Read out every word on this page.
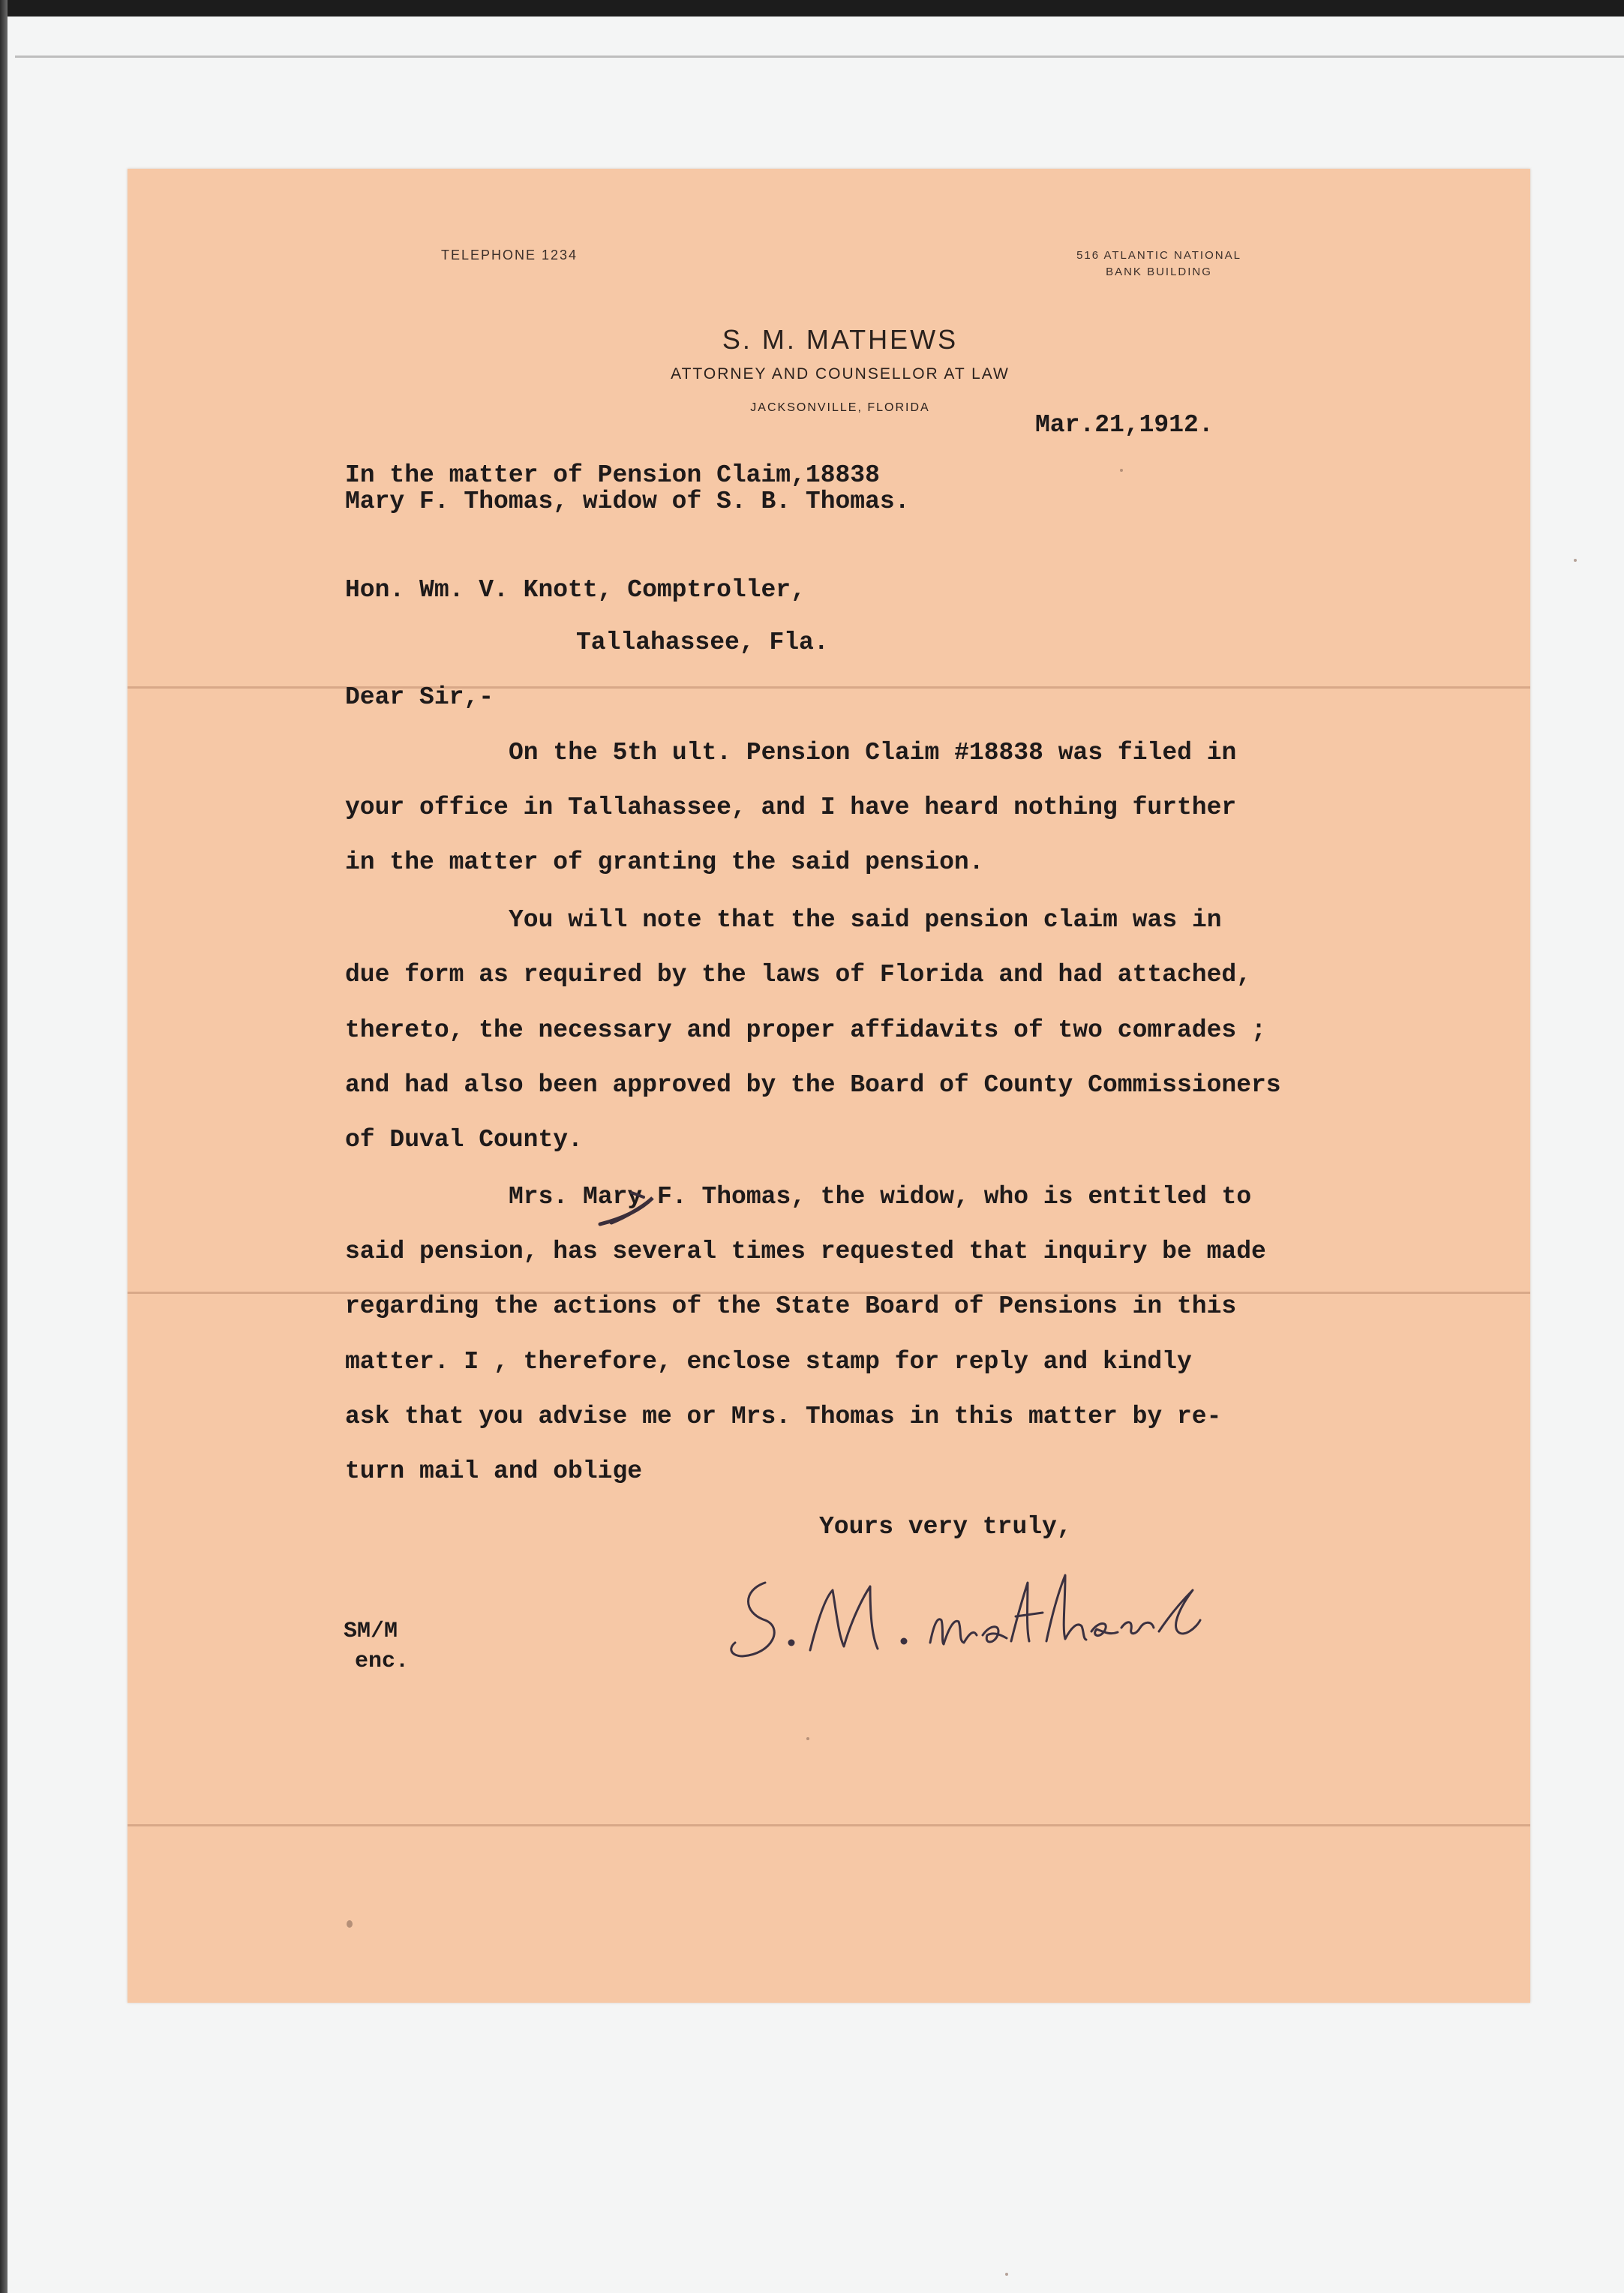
TELEPHONE 1234	516 ATLANTIC NATIONAL
BANK BUILDING
S. M. MATHEWS
ATTORNEY AND COUNSELLOR AT LAW
JACKSONVILLE, FLORIDA
Mar.21,1912.
In the matter of Pension Claim,18838
Mary F. Thomas, widow of S. B. Thomas.
Hon. Wm. V. Knott, Comptroller,
Tallahassee, Fla.
Dear Sir,-
On the 5th ult. Pension Claim #18838 was filed in
your office in Tallahassee, and I have heard nothing further
in the matter of granting the said pension.
You will note that the said pension claim was in
due form as required by the laws of Florida and had attached,
thereto, the necessary and proper affidavits of two comrades ;
and had also been approved by the Board of County Commissioners
of Duval County.
Mrs. Mary F. Thomas, the widow, who is entitled to
said pension, has several times requested that inquiry be made
regarding the actions of the State Board of Pensions in this
matter. I , therefore, enclose stamp for reply and kindly
ask that you advise me or Mrs. Thomas in this matter by re-
turn mail and oblige
Yours very truly,
SM/M
enc.
